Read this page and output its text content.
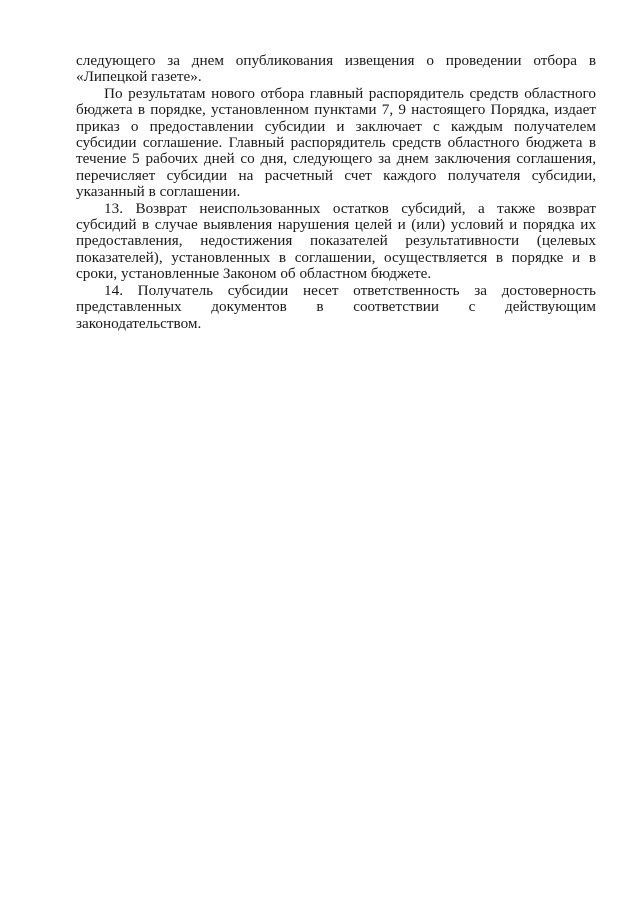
следующего за днем опубликования извещения о проведении отбора в «Липецкой газете».

По результатам нового отбора главный распорядитель средств областного бюджета в порядке, установленном пунктами 7, 9 настоящего Порядка, издает приказ о предоставлении субсидии и заключает с каждым получателем субсидии соглашение. Главный распорядитель средств областного бюджета в течение 5 рабочих дней со дня, следующего за днем заключения соглашения, перечисляет субсидии на расчетный счет каждого получателя субсидии, указанный в соглашении.

13. Возврат неиспользованных остатков субсидий, а также возврат субсидий в случае выявления нарушения целей и (или) условий и порядка их предоставления, недостижения показателей результативности (целевых показателей), установленных в соглашении, осуществляется в порядке и в сроки, установленные Законом об областном бюджете.

14. Получатель субсидии несет ответственность за достоверность представленных документов в соответствии с действующим законодательством.
